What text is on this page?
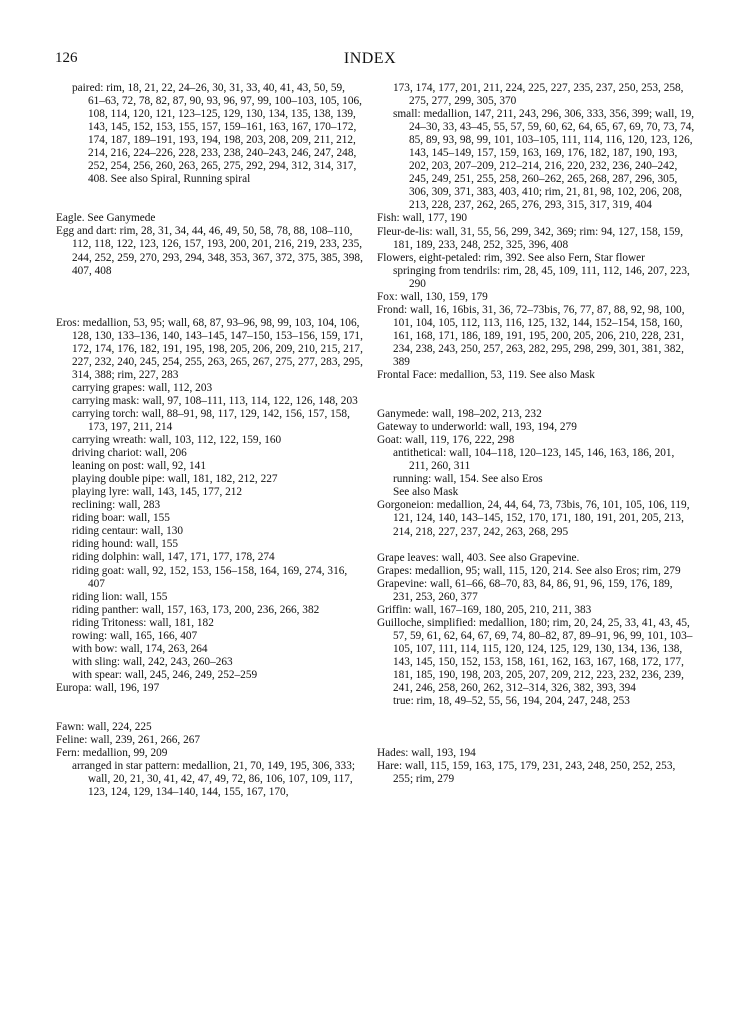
126	INDEX
paired: rim, 18, 21, 22, 24–26, 30, 31, 33, 40, 41, 43, 50, 59, 61–63, 72, 78, 82, 87, 90, 93, 96, 97, 99, 100–103, 105, 106, 108, 114, 120, 121, 123–125, 129, 130, 134, 135, 138, 139, 143, 145, 152, 153, 155, 157, 159–161, 163, 167, 170–172, 174, 187, 189–191, 193, 194, 198, 203, 208, 209, 211, 212, 214, 216, 224–226, 228, 233, 238, 240–243, 246, 247, 248, 252, 254, 256, 260, 263, 265, 275, 292, 294, 312, 314, 317, 408. See also Spiral, Running spiral
Eagle. See Ganymede
Egg and dart: rim, 28, 31, 34, 44, 46, 49, 50, 58, 78, 88, 108–110, 112, 118, 122, 123, 126, 157, 193, 200, 201, 216, 219, 233, 235, 244, 252, 259, 270, 293, 294, 348, 353, 367, 372, 375, 385, 398, 407, 408
Eros: medallion, 53, 95; wall, 68, 87, 93–96, 98, 99, 103, 104, 106, 128, 130, 133–136, 140, 143–145, 147–150, 153–156, 159, 171, 172, 174, 176, 182, 191, 195, 198, 205, 206, 209, 210, 215, 217, 227, 232, 240, 245, 254, 255, 263, 265, 267, 275, 277, 283, 295, 314, 388; rim, 227, 283
carrying grapes: wall, 112, 203
carrying mask: wall, 97, 108–111, 113, 114, 122, 126, 148, 203
carrying torch: wall, 88–91, 98, 117, 129, 142, 156, 157, 158, 173, 197, 211, 214
carrying wreath: wall, 103, 112, 122, 159, 160
driving chariot: wall, 206
leaning on post: wall, 92, 141
playing double pipe: wall, 181, 182, 212, 227
playing lyre: wall, 143, 145, 177, 212
reclining: wall, 283
riding boar: wall, 155
riding centaur: wall, 130
riding hound: wall, 155
riding dolphin: wall, 147, 171, 177, 178, 274
riding goat: wall, 92, 152, 153, 156–158, 164, 169, 274, 316, 407
riding lion: wall, 155
riding panther: wall, 157, 163, 173, 200, 236, 266, 382
riding Tritoness: wall, 181, 182
rowing: wall, 165, 166, 407
with bow: wall, 174, 263, 264
with sling: wall, 242, 243, 260–263
with spear: wall, 245, 246, 249, 252–259
Europa: wall, 196, 197
Fawn: wall, 224, 225
Feline: wall, 239, 261, 266, 267
Fern: medallion, 99, 209
arranged in star pattern: medallion, 21, 70, 149, 195, 306, 333; wall, 20, 21, 30, 41, 42, 47, 49, 72, 86, 106, 107, 109, 117, 123, 124, 129, 134–140, 144, 155, 167, 170,
173, 174, 177, 201, 211, 224, 225, 227, 235, 237, 250, 253, 258, 275, 277, 299, 305, 370
small: medallion, 147, 211, 243, 296, 306, 333, 356, 399; wall, 19, 24–30, 33, 43–45, 55, 57, 59, 60, 62, 64, 65, 67, 69, 70, 73, 74, 85, 89, 93, 98, 99, 101, 103–105, 111, 114, 116, 120, 123, 126, 143, 145–149, 157, 159, 163, 169, 176, 182, 187, 190, 193, 202, 203, 207–209, 212–214, 216, 220, 232, 236, 240–242, 245, 249, 251, 255, 258, 260–262, 265, 268, 287, 296, 305, 306, 309, 371, 383, 403, 410; rim, 21, 81, 98, 102, 206, 208, 213, 228, 237, 262, 265, 276, 293, 315, 317, 319, 404
Fish: wall, 177, 190
Fleur-de-lis: wall, 31, 55, 56, 299, 342, 369; rim: 94, 127, 158, 159, 181, 189, 233, 248, 252, 325, 396, 408
Flowers, eight-petaled: rim, 392. See also Fern, Star flower
springing from tendrils: rim, 28, 45, 109, 111, 112, 146, 207, 223, 290
Fox: wall, 130, 159, 179
Frond: wall, 16, 16bis, 31, 36, 72–73bis, 76, 77, 87, 88, 92, 98, 100, 101, 104, 105, 112, 113, 116, 125, 132, 144, 152–154, 158, 160, 161, 168, 171, 186, 189, 191, 195, 200, 205, 206, 210, 228, 231, 234, 238, 243, 250, 257, 263, 282, 295, 298, 299, 301, 381, 382, 389
Frontal Face: medallion, 53, 119. See also Mask
Ganymede: wall, 198–202, 213, 232
Gateway to underworld: wall, 193, 194, 279
Goat: wall, 119, 176, 222, 298
antithetical: wall, 104–118, 120–123, 145, 146, 163, 186, 201, 211, 260, 311
running: wall, 154. See also Eros
See also Mask
Gorgoneion: medallion, 24, 44, 64, 73, 73bis, 76, 101, 105, 106, 119, 121, 124, 140, 143–145, 152, 170, 171, 180, 191, 201, 205, 213, 214, 218, 227, 237, 242, 263, 268, 295
Grape leaves: wall, 403. See also Grapevine.
Grapes: medallion, 95; wall, 115, 120, 214. See also Eros; rim, 279
Grapevine: wall, 61–66, 68–70, 83, 84, 86, 91, 96, 159, 176, 189, 231, 253, 260, 377
Griffin: wall, 167–169, 180, 205, 210, 211, 383
Guilloche, simplified: medallion, 180; rim, 20, 24, 25, 33, 41, 43, 45, 57, 59, 61, 62, 64, 67, 69, 74, 80–82, 87, 89–91, 96, 99, 101, 103–105, 107, 111, 114, 115, 120, 124, 125, 129, 130, 134, 136, 138, 143, 145, 150, 152, 153, 158, 161, 162, 163, 167, 168, 172, 177, 181, 185, 190, 198, 203, 205, 207, 209, 212, 223, 232, 236, 239, 241, 246, 258, 260, 262, 312–314, 326, 382, 393, 394
true: rim, 18, 49–52, 55, 56, 194, 204, 247, 248, 253
Hades: wall, 193, 194
Hare: wall, 115, 159, 163, 175, 179, 231, 243, 248, 250, 252, 253, 255; rim, 279
